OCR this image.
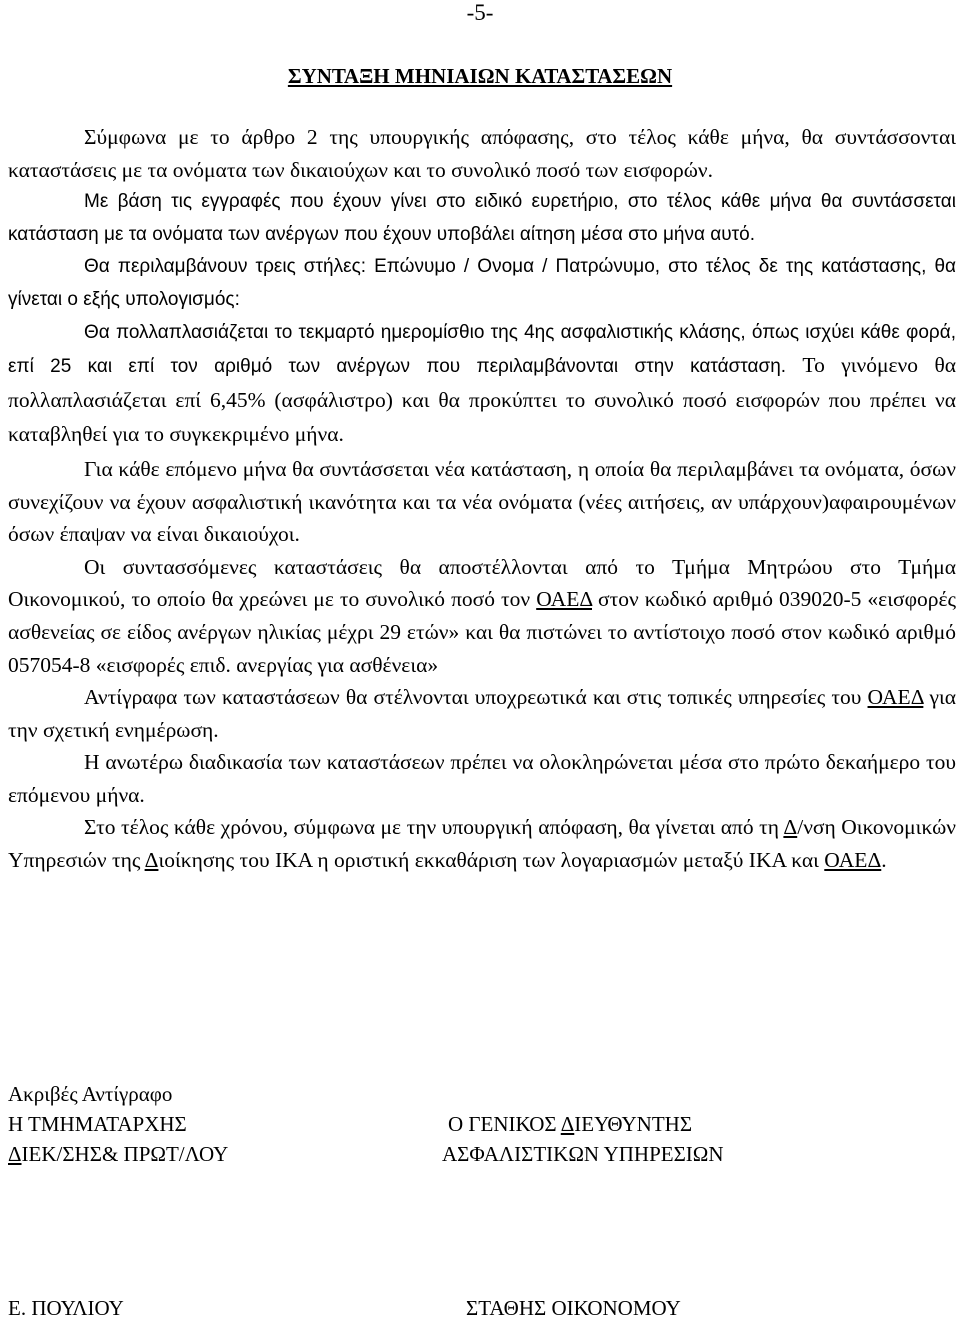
-5-
ΣΥΝΤΑΞΗ ΜΗΝΙΑΙΩΝ ΚΑΤΑΣΤΑΣΕΩΝ

Σύμφωνα με το άρθρο 2 της υπουργικής απόφασης, στο τέλος κάθε μήνα, θα συντάσσονται καταστάσεις με τα ονόματα των δικαιούχων και το συνολικό ποσό των εισφορών.

Με βάση τις εγγραφές που έχουν γίνει στο ειδικό ευρετήριο, στο τέλος κάθε μήνα θα συντάσσεται κατάσταση με τα ονόματα των ανέργων που έχουν υποβάλει αίτηση μέσα στο μήνα αυτό.

Θα περιλαμβάνουν τρεις στήλες: Επώνυμο / Ονομα / Πατρώνυμο, στο τέλος δε της κατάστασης, θα γίνεται ο εξής υπολογισμός:

Θα πολλαπλασιάζεται το τεκμαρτό ημερομίσθιο της 4ης ασφαλιστικής κλάσης, όπως ισχύει κάθε φορά, επί 25 και επί τον αριθμό των ανέργων που περιλαμβάνονται στην κατάσταση. Το γινόμενο θα πολλαπλασιάζεται επί 6,45% (ασφάλιστρο) και θα προκύπτει το συνολικό ποσό εισφορών που πρέπει να καταβληθεί για το συγκεκριμένο μήνα.

Για κάθε επόμενο μήνα θα συντάσσεται νέα κατάσταση, η οποία θα περιλαμβάνει τα ονόματα, όσων συνεχίζουν να έχουν ασφαλιστική ικανότητα και τα νέα ονόματα (νέες αιτήσεις, αν υπάρχουν)αφαιρουμένων όσων έπαψαν να είναι δικαιούχοι.

Οι συντασσόμενες καταστάσεις θα αποστέλλονται από το Τμήμα Μητρώου στο Τμήμα Οικονομικού, το οποίο θα χρεώνει με το συνολικό ποσό τον ΟΑΕΔ στον κωδικό αριθμό 039020-5 «εισφορές ασθενείας σε είδος ανέργων ηλικίας μέχρι 29 ετών» και θα πιστώνει το αντίστοιχο ποσό στον κωδικό αριθμό 057054-8 «εισφορές επιδ. ανεργίας για ασθένεια»

Αντίγραφα των καταστάσεων θα στέλνονται υποχρεωτικά και στις τοπικές υπηρεσίες του ΟΑΕΔ για την σχετική ενημέρωση.

Η ανωτέρω διαδικασία των καταστάσεων πρέπει να ολοκληρώνεται μέσα στο πρώτο δεκαήμερο του επόμενου μήνα.

Στο τέλος κάθε χρόνου, σύμφωνα με την υπουργική απόφαση, θα γίνεται από τη Δ/νση Οικονομικών Υπηρεσιών της Διοίκησης του ΙΚΑ η οριστική εκκαθάριση των λογαριασμών μεταξύ ΙΚΑ και ΟΑΕΔ.

Ακριβές Αντίγραφο
Η ΤΜΗΜΑΤΑΡΧΗΣ
ΔΙΕΚ/ΣΗΣ& ΠΡΩΤ/ΛΟΥ
Ε. ΠΟΥΛΙΟΥ
Ο ΓΕΝΙΚΟΣ ΔΙΕΥΘΥΝΤΗΣ
ΑΣΦΑΛΙΣΤΙΚΩΝ ΥΠΗΡΕΣΙΩΝ
ΣΤΑΘΗΣ ΟΙΚΟΝΟΜΟΥ
